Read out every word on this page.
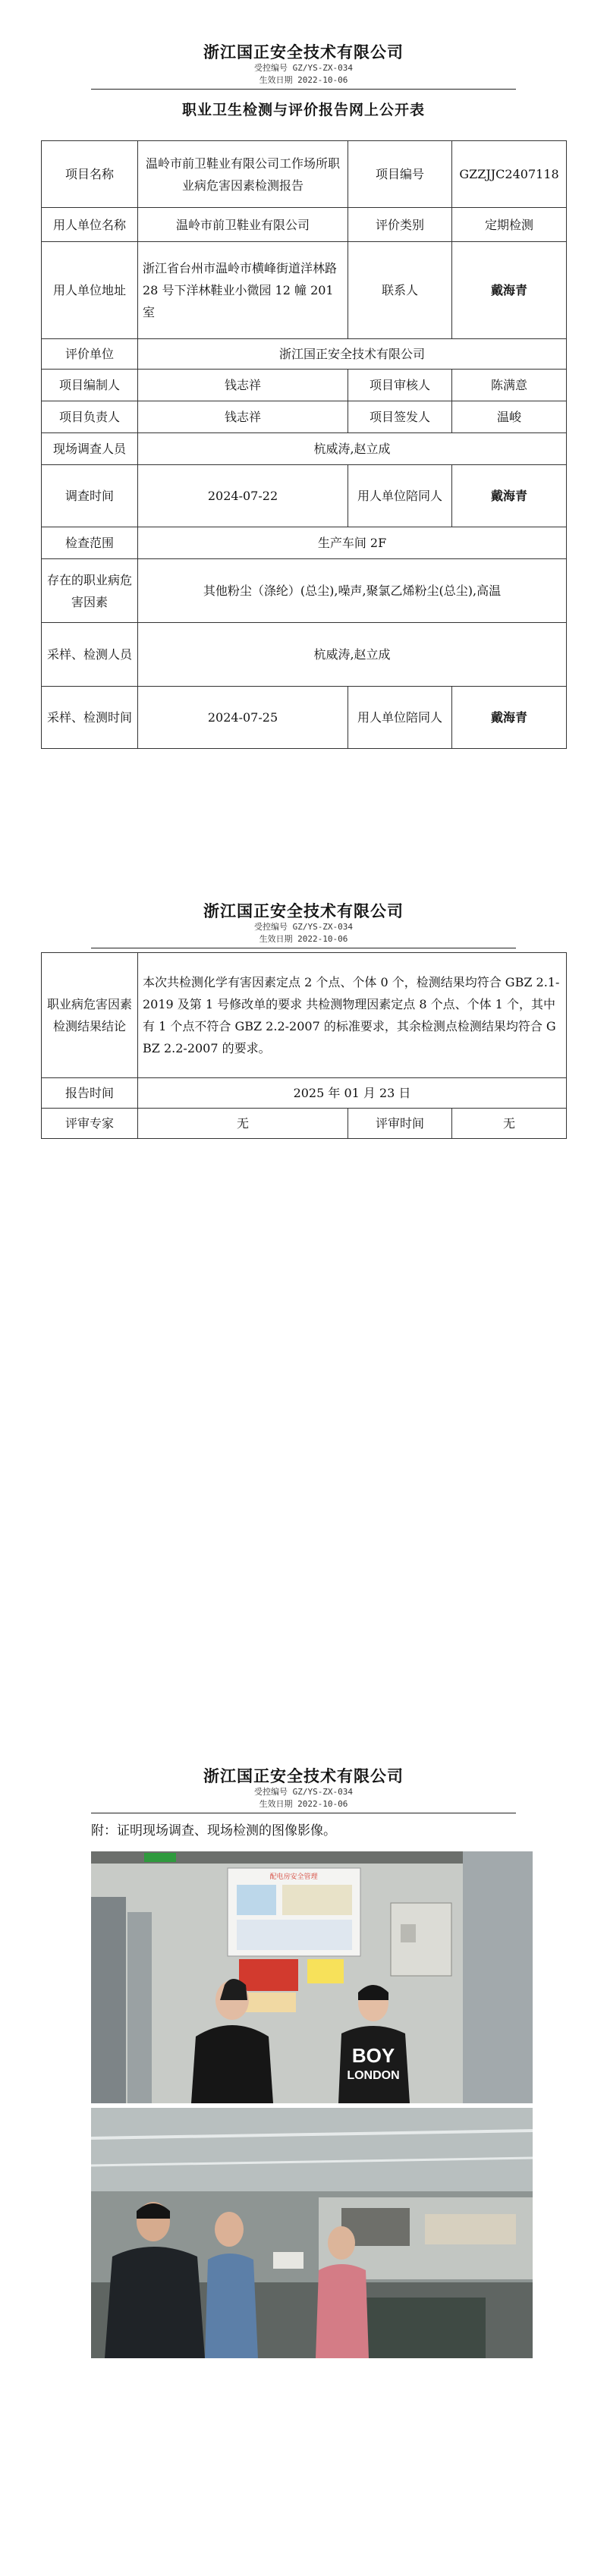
浙江国正安全技术有限公司
受控编号 GZ/YS-ZX-034
生效日期 2022-10-06
职业卫生检测与评价报告网上公开表
项目名称	温岭市前卫鞋业有限公司工作场所职业病危害因素检测报告	项目编号	GZZJJC2407118
用人单位名称	温岭市前卫鞋业有限公司	评价类别	定期检测
用人单位地址	浙江省台州市温岭市横峰街道洋林路 28 号下洋林鞋业小微园 12 幢 201 室	联系人	戴海青
评价单位	浙江国正安全技术有限公司		
项目编制人	钱志祥	项目审核人	陈满意
项目负责人	钱志祥	项目签发人	温峻
现场调查人员	杭威涛,赵立成		
调查时间	2024-07-22	用人单位陪同人	戴海青
检查范围	生产车间 2F		
存在的职业病危害因素	其他粉尘（涤纶）(总尘),噪声,聚氯乙烯粉尘(总尘),高温		
采样、检测人员	杭威涛,赵立成		
采样、检测时间	2024-07-25	用人单位陪同人	戴海青
浙江国正安全技术有限公司
受控编号 GZ/YS-ZX-034
生效日期 2022-10-06
职业病危害因素检测结果结论	本次共检测化学有害因素定点 2 个点、个体 0 个，检测结果均符合 GBZ 2.1-2019 及第 1 号修改单的要求 共检测物理因素定点 8 个点、个体 1 个，其中有 1 个点不符合 GBZ 2.2-2007 的标准要求，其余检测点检测结果均符合 GBZ 2.2-2007 的要求。		
报告时间	2025 年 01 月 23 日		
评审专家	无	评审时间	无
浙江国正安全技术有限公司
受控编号 GZ/YS-ZX-034
生效日期 2022-10-06
附：证明现场调查、现场检测的图像影像。
配电房安全管理
BOY
LONDON
